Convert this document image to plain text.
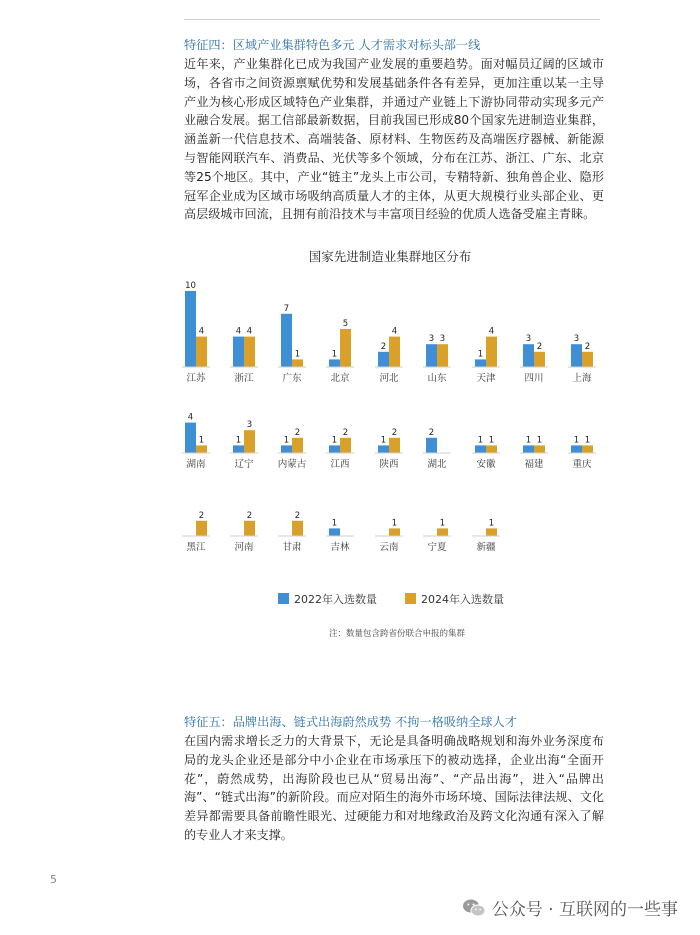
特征四：区域产业集群特色多元 人才需求对标头部一线

近年来，产业集群化已成为我国产业发展的重要趋势。面对幅员辽阔的区域市场，各省市之间资源禀赋优势和发展基础条件各有差异，更加注重以某一主导产业为核心形成区域特色产业集群，并通过产业链上下游协同带动实现多元产业融合发展。据工信部最新数据，目前我国已形成80个国家先进制造业集群，涵盖新一代信息技术、高端装备、原材料、生物医药及高端医疗器械、新能源与智能网联汽车、消费品、光伏等多个领域，分布在江苏、浙江、广东、北京等25个地区。其中，产业“链主”龙头上市公司，专精特新、独角兽企业、隐形冠军企业成为区域市场吸纳高质量人才的主体，从更大规模行业头部企业、更高层级城市回流，且拥有前沿技术与丰富项目经验的优质人选备受雇主青睐。

国家先进制造业集群地区分布
10
4
江苏
4 4
浙江
7
1
广东
1
5
北京
2
4
河北
3 3
山东
1
4
天津
3
2
四川
3
2
上海
4
1
湖南
1
3
辽宁
1
2
内蒙古
1
2
江西
1
2
陕西
2
湖北
1 1
安徽
1 1
福建
1 1
重庆
2
黑江
2
河南
2
甘肃
1
吉林
1
云南
1
宁夏
1
新疆
2022年入选数量	2024年入选数量
注：数量包含跨省份联合申报的集群
特征五：品牌出海、链式出海蔚然成势 不拘一格吸纳全球人才

在国内需求增长乏力的大背景下，无论是具备明确战略规划和海外业务深度布局的龙头企业还是部分中小企业在市场承压下的被动选择，企业出海“全面开花”，蔚然成势，出海阶段也已从“贸易出海”、“产品出海”，进入“品牌出海”、“链式出海”的新阶段。而应对陌生的海外市场环境、国际法律法规、文化差异都需要具备前瞻性眼光、过硬能力和对地缘政治及跨文化沟通有深入了解的专业人才来支撑。

5
公众号 · 互联网的一些事
